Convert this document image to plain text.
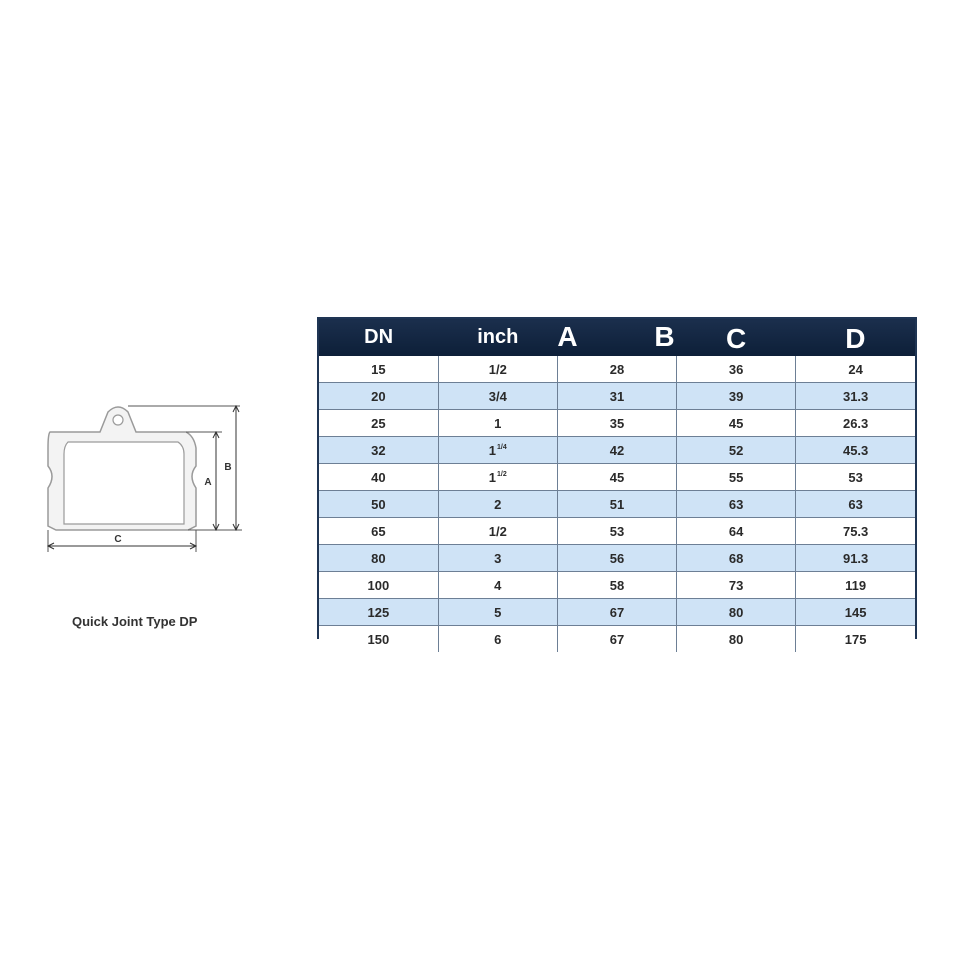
A
B
C
Quick Joint Type DP
DN	inch	A B	C	D
15	1/2	28	36	24
20	3/4	31	39	31.3
25	1	35	45	26.3
32	$1^{1/4}$	42	52	45.3
40	$1^{1/2}$	45	55	53
50	2	51	63	63
65	1/2	53	64	75.3
80	3	56	68	91.3
100	4	58	73	119
125	5	67	80	145
150	6	67	80	175
